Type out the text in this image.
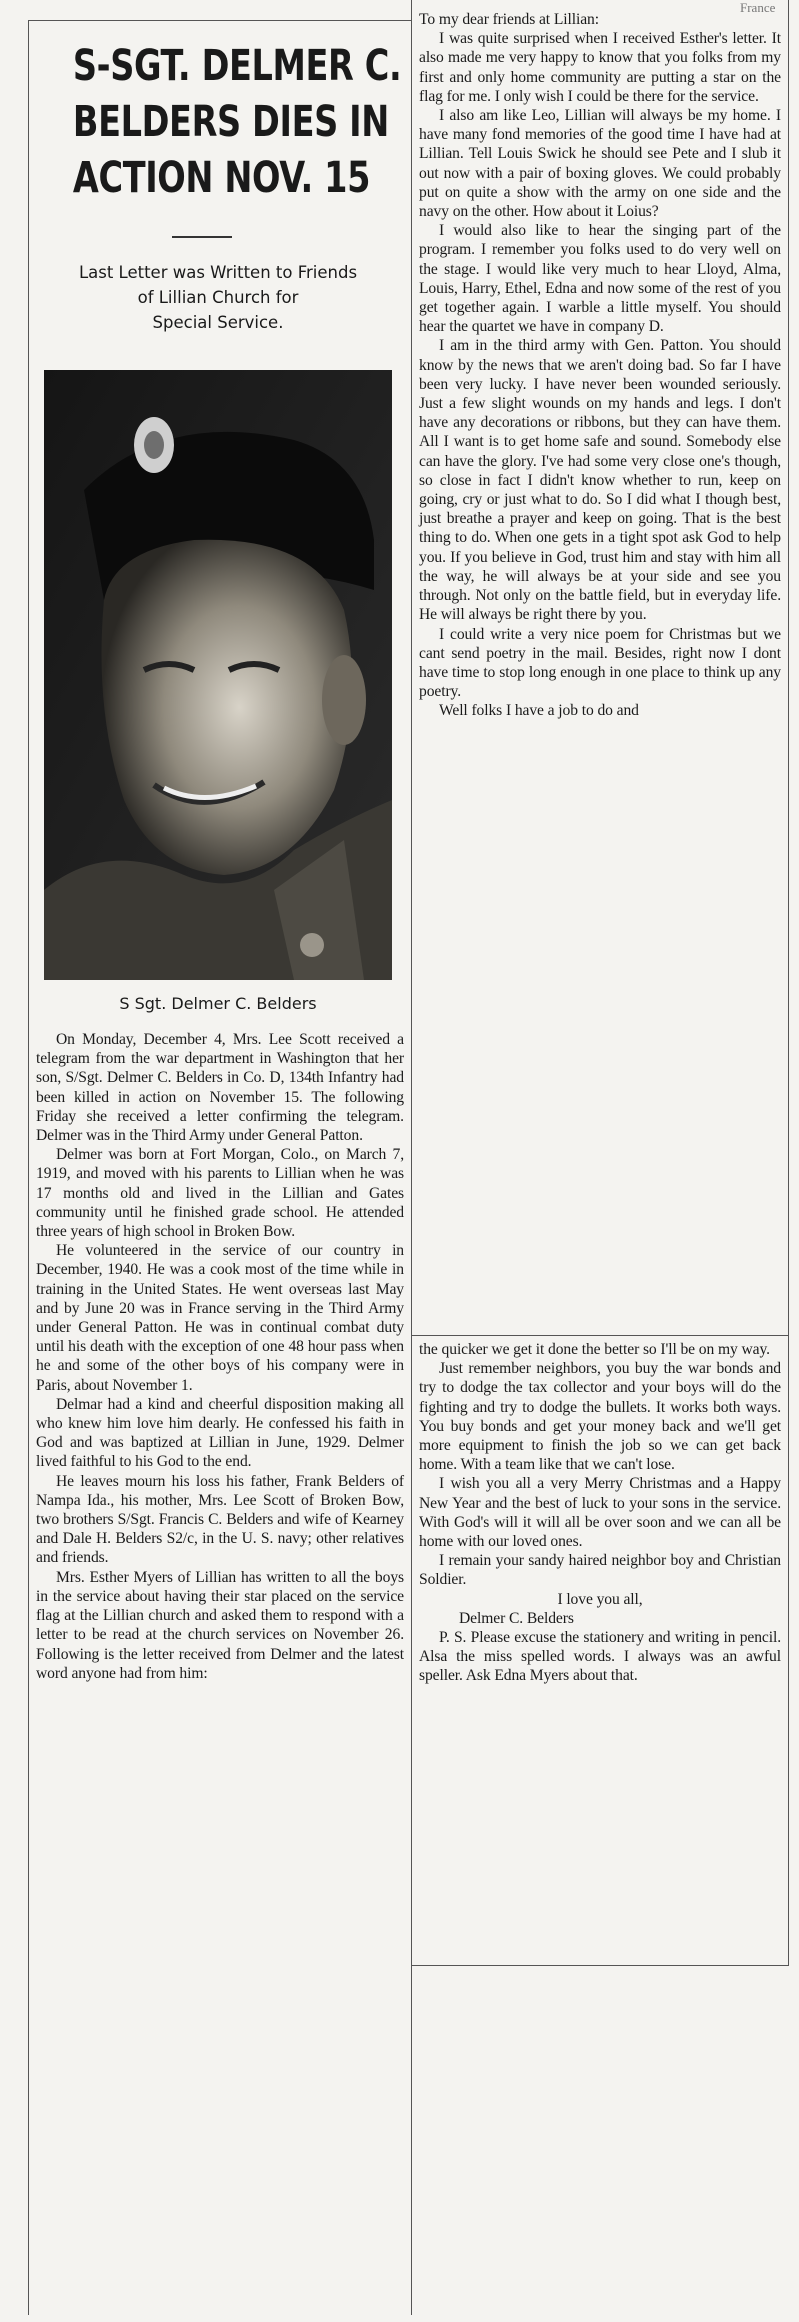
France
S-SGT. DELMER C.
BELDERS DIES IN
ACTION NOV. 15
Last Letter was Written to Friends
of Lillian Church for
Special Service.
S Sgt. Delmer C. Belders

On Monday, December 4, Mrs. Lee Scott received a telegram from the war department in Washington that her son, S/Sgt. Delmer C. Belders in Co. D, 134th Infantry had been killed in action on November 15. The following Friday she received a letter confirming the telegram. Delmer was in the Third Army under General Patton.

Delmer was born at Fort Morgan, Colo., on March 7, 1919, and moved with his parents to Lillian when he was 17 months old and lived in the Lillian and Gates community until he finished grade school. He attended three years of high school in Broken Bow.

He volunteered in the service of our country in December, 1940. He was a cook most of the time while in training in the United States. He went overseas last May and by June 20 was in France serving in the Third Army under General Patton. He was in continual combat duty until his death with the exception of one 48 hour pass when he and some of the other boys of his company were in Paris, about November 1.

Delmar had a kind and cheerful disposition making all who knew him love him dearly. He confessed his faith in God and was baptized at Lillian in June, 1929. Delmer lived faithful to his God to the end.

He leaves mourn his loss his father, Frank Belders of Nampa Ida., his mother, Mrs. Lee Scott of Broken Bow, two brothers S/Sgt. Francis C. Belders and wife of Kearney and Dale H. Belders S2/c, in the U. S. navy; other relatives and friends.

Mrs. Esther Myers of Lillian has written to all the boys in the service about having their star placed on the service flag at the Lillian church and asked them to respond with a letter to be read at the church services on November 26. Following is the letter received from Delmer and the latest word anyone had from him:

To my dear friends at Lillian:

I was quite surprised when I received Esther's letter. It also made me very happy to know that you folks from my first and only home community are putting a star on the flag for me. I only wish I could be there for the service.

I also am like Leo, Lillian will always be my home. I have many fond memories of the good time I have had at Lillian. Tell Louis Swick he should see Pete and I slub it out now with a pair of boxing gloves. We could probably put on quite a show with the army on one side and the navy on the other. How about it Loius?

I would also like to hear the singing part of the program. I remember you folks used to do very well on the stage. I would like very much to hear Lloyd, Alma, Louis, Harry, Ethel, Edna and now some of the rest of you get together again. I warble a little myself. You should hear the quartet we have in company D.

I am in the third army with Gen. Patton. You should know by the news that we aren't doing bad. So far I have been very lucky. I have never been wounded seriously. Just a few slight wounds on my hands and legs. I don't have any decorations or ribbons, but they can have them. All I want is to get home safe and sound. Somebody else can have the glory. I've had some very close one's though, so close in fact I didn't know whether to run, keep on going, cry or just what to do. So I did what I though best, just breathe a prayer and keep on going. That is the best thing to do. When one gets in a tight spot ask God to help you. If you believe in God, trust him and stay with him all the way, he will always be at your side and see you through. Not only on the battle field, but in everyday life. He will always be right there by you.

I could write a very nice poem for Christmas but we cant send poetry in the mail. Besides, right now I dont have time to stop long enough in one place to think up any poetry.

Well folks I have a job to do and

the quicker we get it done the better so I'll be on my way.

Just remember neighbors, you buy the war bonds and try to dodge the tax collector and your boys will do the fighting and try to dodge the bullets. It works both ways. You buy bonds and get your money back and we'll get more equipment to finish the job so we can get back home. With a team like that we can't lose.

I wish you all a very Merry Christmas and a Happy New Year and the best of luck to your sons in the service. With God's will it will all be over soon and we can all be home with our loved ones.

I remain your sandy haired neighbor boy and Christian Soldier.

I love you all,

Delmer C. Belders

P. S. Please excuse the stationery and writing in pencil. Alsa the miss spelled words. I always was an awful speller. Ask Edna Myers about that.
